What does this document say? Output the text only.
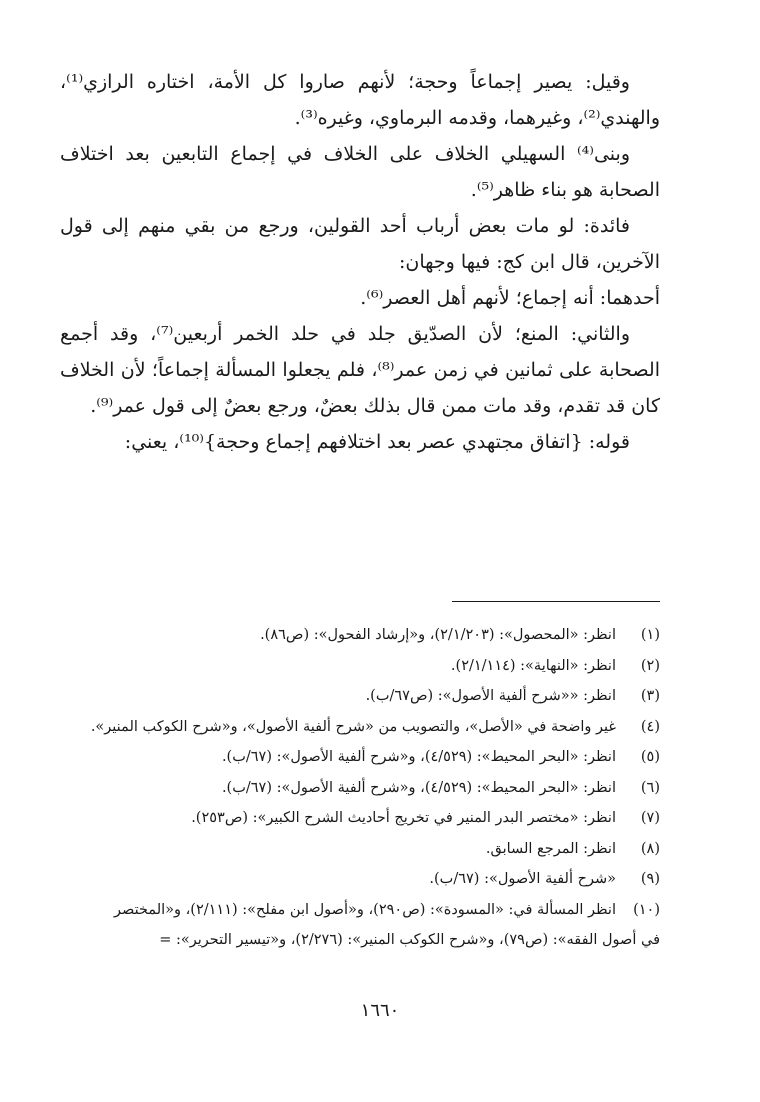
وقيل: يصير إجماعاً وحجة؛ لأنهم صاروا كل الأمة، اختاره الرازي⁽¹⁾، والهندي⁽²⁾، وغيرهما، وقدمه البرماوي، وغيره⁽³⁾.

وبنى⁽⁴⁾ السهيلي الخلاف على الخلاف في إجماع التابعين بعد اختلاف الصحابة هو بناء ظاهر⁽⁵⁾.

فائدة: لو مات بعض أرباب أحد القولين، ورجع من بقي منهم إلى قول الآخرين، قال ابن كج: فيها وجهان:

أحدهما: أنه إجماع؛ لأنهم أهل العصر⁽⁶⁾.

والثاني: المنع؛ لأن الصدّيق جلد في حلد الخمر أربعين⁽⁷⁾، وقد أجمع الصحابة على ثمانين في زمن عمر⁽⁸⁾، فلم يجعلوا المسألة إجماعاً؛ لأن الخلاف كان قد تقدم، وقد مات ممن قال بذلك بعضٌ، ورجع بعضٌ إلى قول عمر⁽⁹⁾.

قوله: {اتفاق مجتهدي عصر بعد اختلافهم إجماع وحجة}⁽¹⁰⁾، يعني:

(١)
انظر: «المحصول»: (٢/١/٢٠٣)، و«إرشاد الفحول»: (ص٨٦).
(٢)
انظر: «النهاية»: (٢/١/١١٤).
(٣)
انظر: ««شرح ألفية الأصول»: (ص٦٧/ب).
(٤)
غير واضحة في «الأصل»، والتصويب من «شرح ألفية الأصول»، و«شرح الكوكب المنير».
(٥)
انظر: «البحر المحيط»: (٤/٥٢٩)، و«شرح ألفية الأصول»: (٦٧/ب).
(٦)
انظر: «البحر المحيط»: (٤/٥٢٩)، و«شرح ألفية الأصول»: (٦٧/ب).
(٧)
انظر: «مختصر البدر المنير في تخريج أحاديث الشرح الكبير»: (ص٢٥٣).
(٨)
انظر: المرجع السابق.
(٩)
«شرح ألفية الأصول»: (٦٧/ب).
(١٠)
انظر المسألة في: «المسودة»: (ص٢٩٠)، و«أصول ابن مفلح»: (٢/١١١)، و«المختصر
في أصول الفقه»: (ص٧٩)، و«شرح الكوكب المنير»: (٢/٢٧٦)، و«تيسير التحرير»: =
١٦٦٠
